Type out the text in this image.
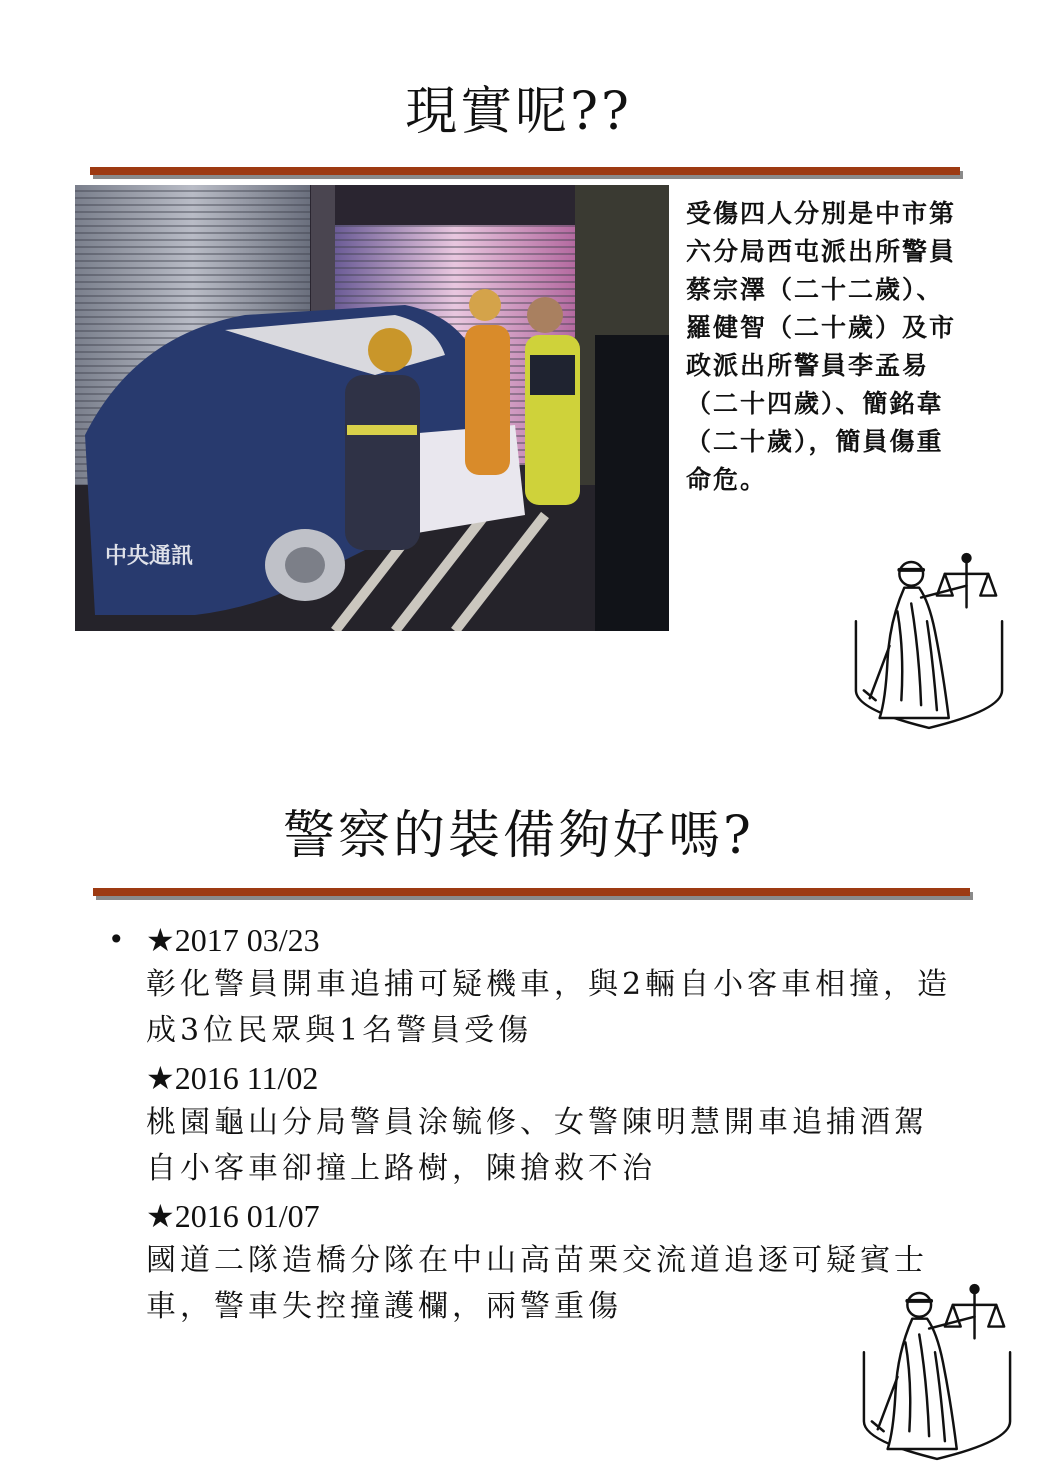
現實呢??
中央通訊
受傷四人分別是中市第六分局西屯派出所警員蔡宗澤（二十二歲）、羅健智（二十歲）及市政派出所警員李孟易（二十四歲）、簡銘韋（二十歲），簡員傷重命危。
警察的裝備夠好嗎?
• ★2017 03/23

彰化警員開車追捕可疑機車，與2輛自小客車相撞，造成3位民眾與1名警員受傷

★2016 11/02

桃園龜山分局警員涂毓修、女警陳明慧開車追捕酒駕自小客車卻撞上路樹，陳搶救不治

★2016 01/07

國道二隊造橋分隊在中山高苗栗交流道追逐可疑賓士車，警車失控撞護欄，兩警重傷
